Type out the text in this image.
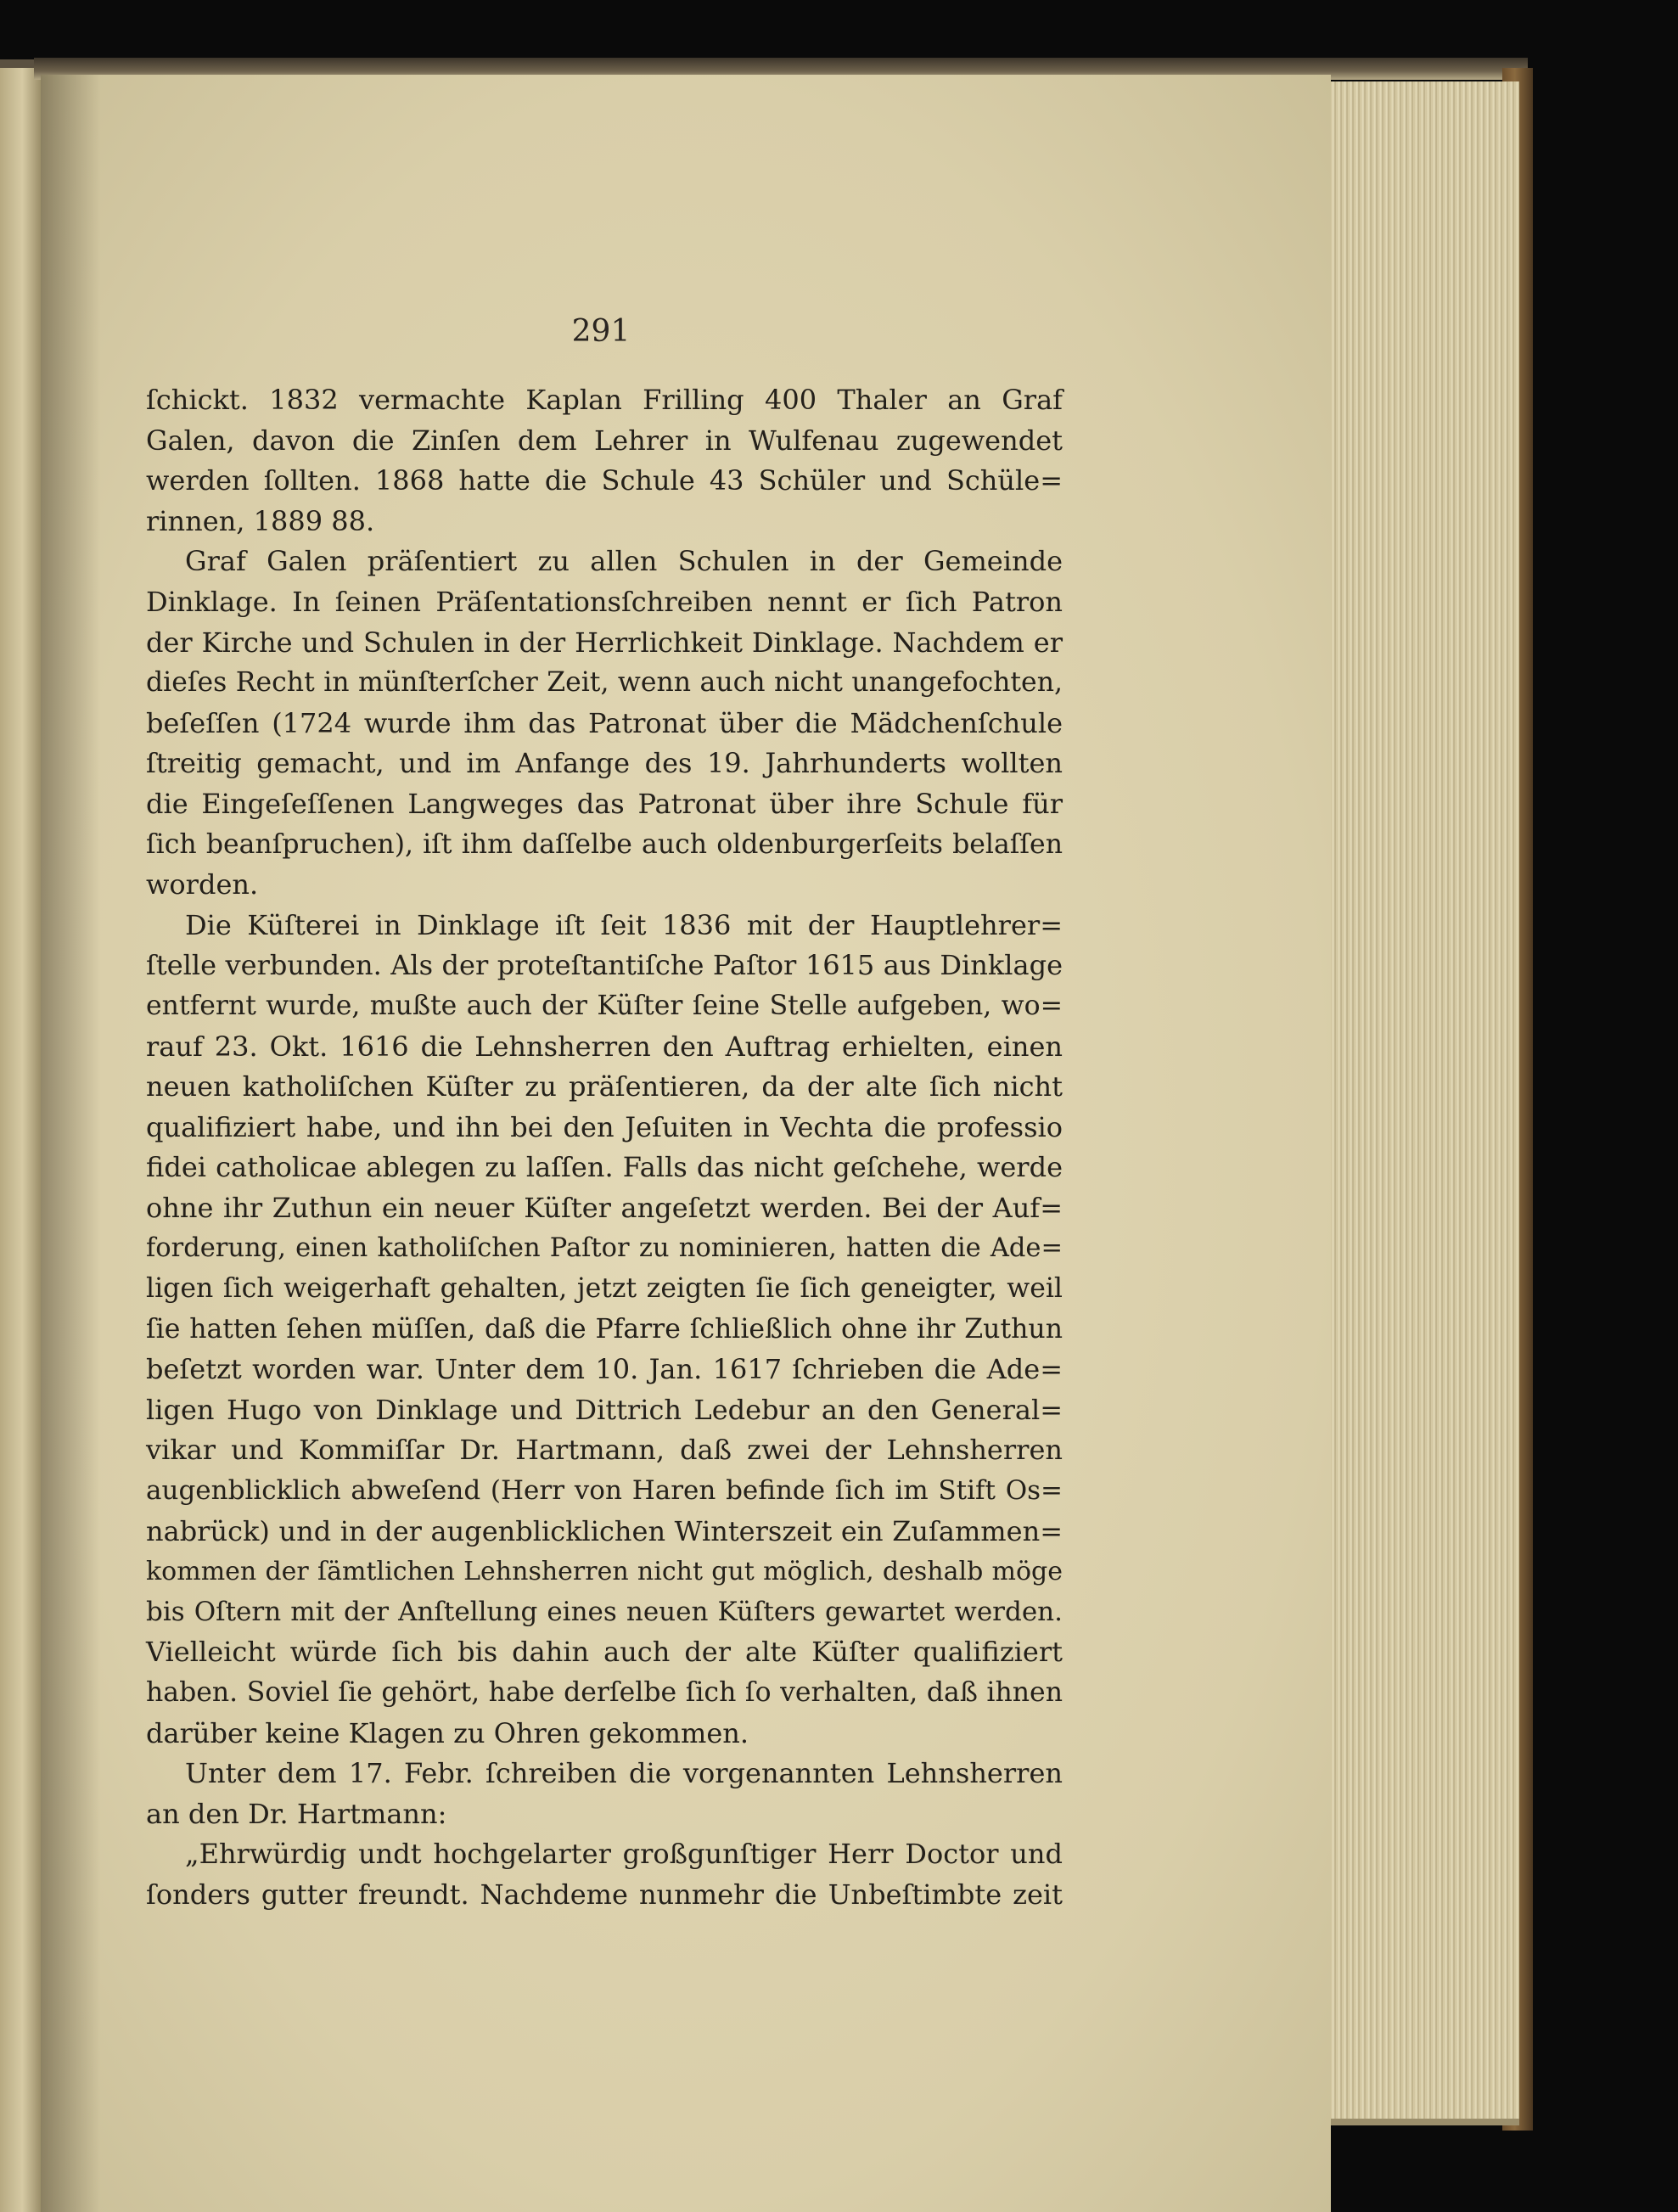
291
ſchickt. 1832 vermachte Kaplan Frilling 400 Thaler an Graf
Galen, davon die Zinſen dem Lehrer in Wulfenau zugewendet
werden ſollten. 1868 hatte die Schule 43 Schüler und Schüle=
rinnen, 1889 88.
Graf Galen präſentiert zu allen Schulen in der Gemeinde
Dinklage. In ſeinen Präſentationsſchreiben nennt er ſich Patron
der Kirche und Schulen in der Herrlichkeit Dinklage. Nachdem er
dieſes Recht in münſterſcher Zeit, wenn auch nicht unangefochten,
beſeſſen (1724 wurde ihm das Patronat über die Mädchenſchule
ſtreitig gemacht, und im Anfange des 19. Jahrhunderts wollten
die Eingeſeſſenen Langweges das Patronat über ihre Schule für
ſich beanſpruchen), iſt ihm daſſelbe auch oldenburgerſeits belaſſen
worden.
Die Küſterei in Dinklage iſt ſeit 1836 mit der Hauptlehrer=
ſtelle verbunden. Als der proteſtantiſche Paſtor 1615 aus Dinklage
entfernt wurde, mußte auch der Küſter ſeine Stelle aufgeben, wo=
rauf 23. Okt. 1616 die Lehnsherren den Auftrag erhielten, einen
neuen katholiſchen Küſter zu präſentieren, da der alte ſich nicht
qualifiziert habe, und ihn bei den Jeſuiten in Vechta die professio
fidei catholicae ablegen zu laſſen. Falls das nicht geſchehe, werde
ohne ihr Zuthun ein neuer Küſter angeſetzt werden. Bei der Auf=
forderung, einen katholiſchen Paſtor zu nominieren, hatten die Ade=
ligen ſich weigerhaft gehalten, jetzt zeigten ſie ſich geneigter, weil
ſie hatten ſehen müſſen, daß die Pfarre ſchließlich ohne ihr Zuthun
beſetzt worden war. Unter dem 10. Jan. 1617 ſchrieben die Ade=
ligen Hugo von Dinklage und Dittrich Ledebur an den General=
vikar und Kommiſſar Dr. Hartmann, daß zwei der Lehnsherren
augenblicklich abweſend (Herr von Haren befinde ſich im Stift Os=
nabrück) und in der augenblicklichen Winterszeit ein Zuſammen=
kommen der ſämtlichen Lehnsherren nicht gut möglich, deshalb möge
bis Oſtern mit der Anſtellung eines neuen Küſters gewartet werden.
Vielleicht würde ſich bis dahin auch der alte Küſter qualifiziert
haben. Soviel ſie gehört, habe derſelbe ſich ſo verhalten, daß ihnen
darüber keine Klagen zu Ohren gekommen.
Unter dem 17. Febr. ſchreiben die vorgenannten Lehnsherren
an den Dr. Hartmann:
„Ehrwürdig undt hochgelarter großgunſtiger Herr Doctor und
ſonders gutter freundt. Nachdeme nunmehr die Unbeſtimbte zeit
